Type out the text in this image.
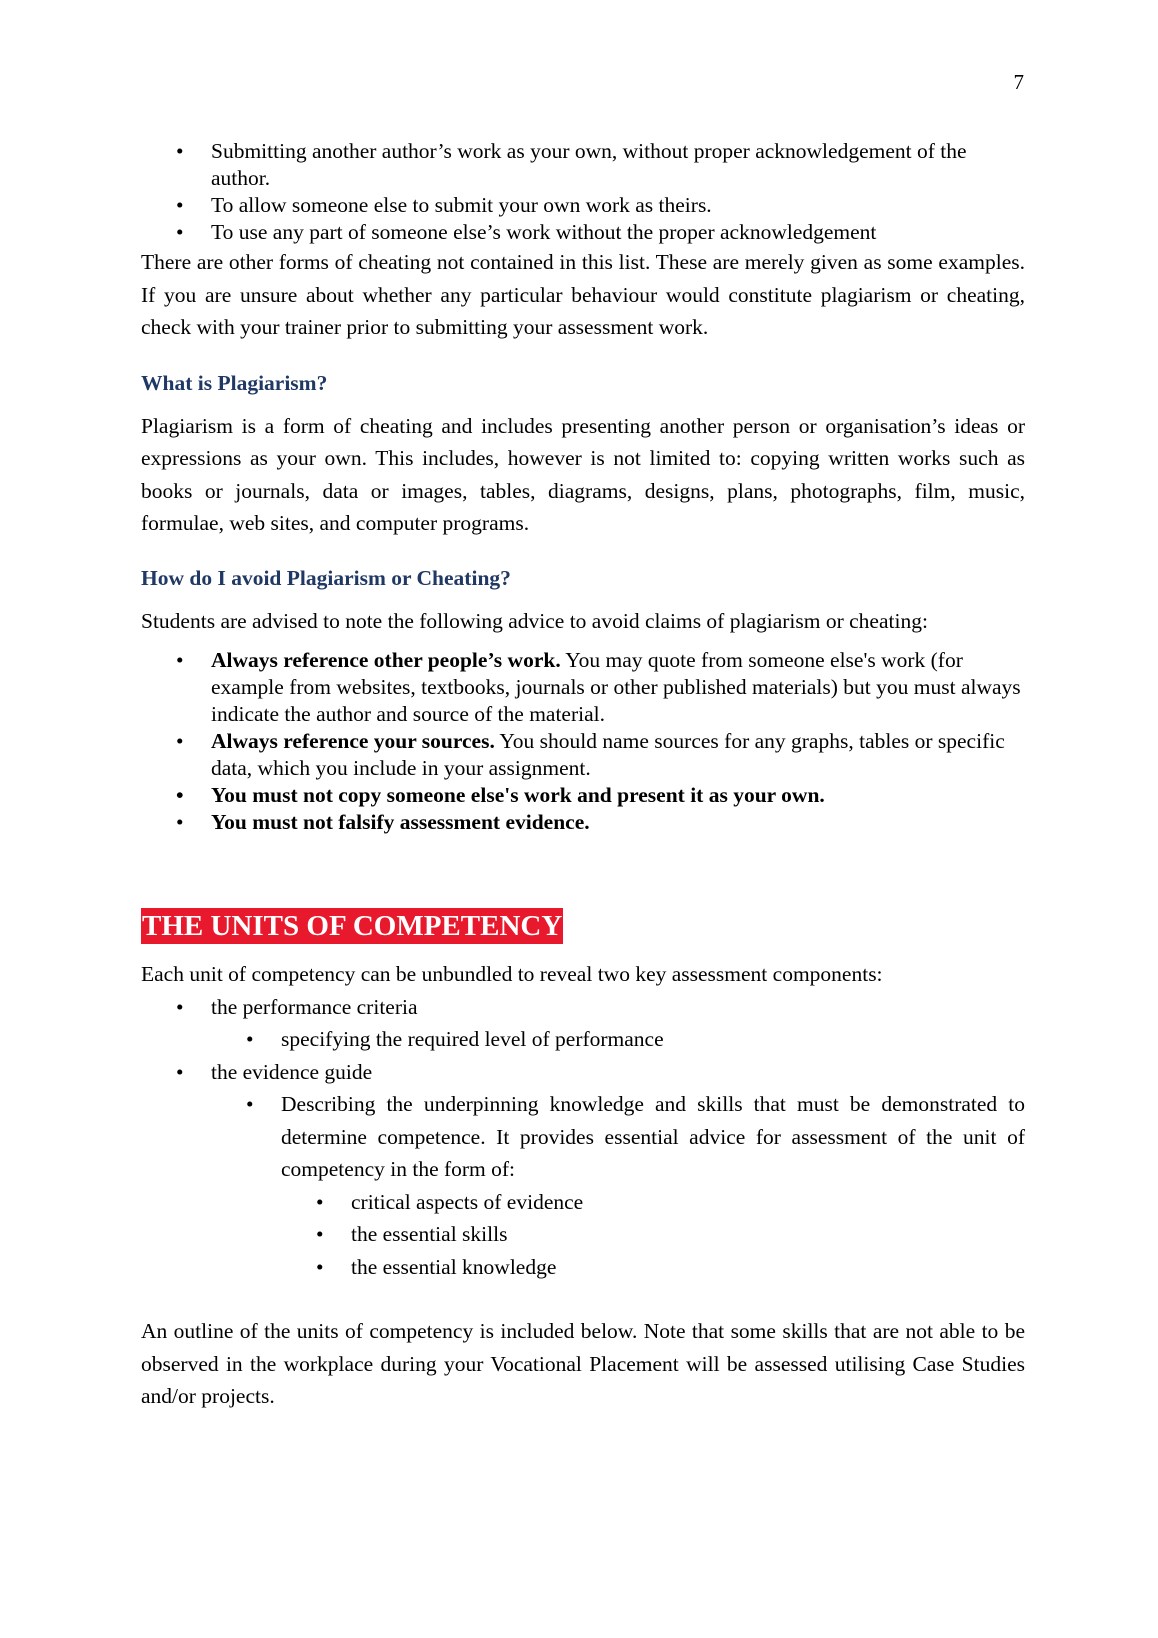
7
• Submitting another author’s work as your own, without proper acknowledgement of the author.
• To allow someone else to submit your own work as theirs.
• To use any part of someone else’s work without the proper acknowledgement

There are other forms of cheating not contained in this list. These are merely given as some examples. If you are unsure about whether any particular behaviour would constitute plagiarism or cheating, check with your trainer prior to submitting your assessment work.

What is Plagiarism?

Plagiarism is a form of cheating and includes presenting another person or organisation’s ideas or expressions as your own. This includes, however is not limited to: copying written works such as books or journals, data or images, tables, diagrams, designs, plans, photographs, film, music, formulae, web sites, and computer programs.

How do I avoid Plagiarism or Cheating?

Students are advised to note the following advice to avoid claims of plagiarism or cheating:

• Always reference other people’s work. You may quote from someone else's work (for example from websites, textbooks, journals or other published materials) but you must always indicate the author and source of the material.
• Always reference your sources. You should name sources for any graphs, tables or specific data, which you include in your assignment.
• You must not copy someone else's work and present it as your own.
• You must not falsify assessment evidence.
THE UNITS OF COMPETENCY

Each unit of competency can be unbundled to reveal two key assessment components:

• the performance criteria
• specifying the required level of performance
• the evidence guide
• Describing the underpinning knowledge and skills that must be demonstrated to determine competence. It provides essential advice for assessment of the unit of competency in the form of:
• critical aspects of evidence
• the essential skills
• the essential knowledge

An outline of the units of competency is included below. Note that some skills that are not able to be observed in the workplace during your Vocational Placement will be assessed utilising Case Studies and/or projects.
